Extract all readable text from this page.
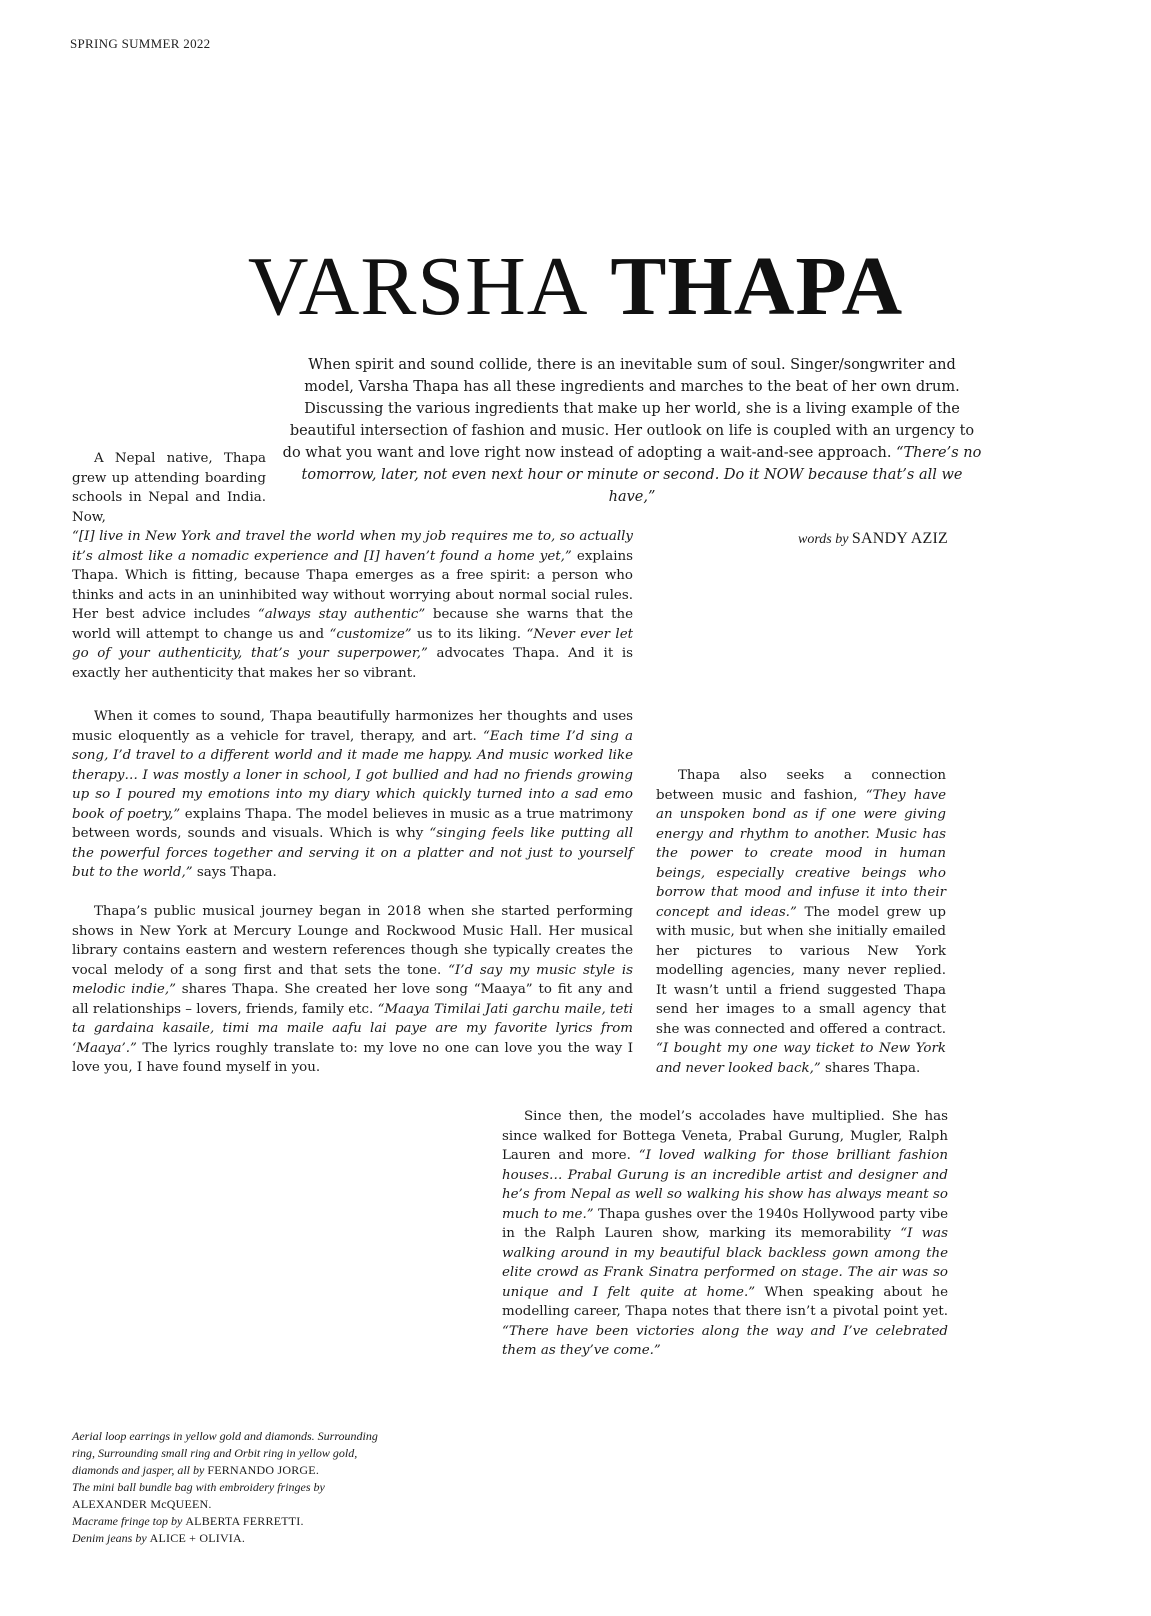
SPRING SUMMER 2022
VARSHA THAPA

When spirit and sound collide, there is an inevitable sum of soul. Singer/songwriter and model, Varsha Thapa has all these ingredients and marches to the beat of her own drum. Discussing the various ingredients that make up her world, she is a living example of the beautiful intersection of fashion and music. Her outlook on life is coupled with an urgency to do what you want and love right now instead of adopting a wait-and-see approach. “There’s no tomorrow, later, not even next hour or minute or second. Do it NOW because that’s all we have,”

words by SANDY AZIZ

A Nepal native, Thapa grew up attending boarding schools in Nepal and India. Now,

“[I] live in New York and travel the world when my job requires me to, so actually it’s almost like a nomadic experience and [I] haven’t found a home yet,” explains Thapa. Which is fitting, because Thapa emerges as a free spirit: a person who thinks and acts in an uninhibited way without worrying about normal social rules. Her best advice includes “always stay authentic” because she warns that the world will attempt to change us and “customize” us to its liking. “Never ever let go of your authenticity, that’s your superpower,” advocates Thapa. And it is exactly her authenticity that makes her so vibrant.

When it comes to sound, Thapa beautifully harmonizes her thoughts and uses music eloquently as a vehicle for travel, therapy, and art. “Each time I’d sing a song, I’d travel to a different world and it made me happy. And music worked like therapy… I was mostly a loner in school, I got bullied and had no friends growing up so I poured my emotions into my diary which quickly turned into a sad emo book of poetry,” explains Thapa. The model believes in music as a true matrimony between words, sounds and visuals. Which is why “singing feels like putting all the powerful forces together and serving it on a platter and not just to yourself but to the world,” says Thapa.

Thapa’s public musical journey began in 2018 when she started performing shows in New York at Mercury Lounge and Rockwood Music Hall. Her musical library contains eastern and western references though she typically creates the vocal melody of a song first and that sets the tone. “I’d say my music style is melodic indie,” shares Thapa. She created her love song “Maaya” to fit any and all relationships – lovers, friends, family etc. “Maaya Timilai Jati garchu maile, teti ta gardaina kasaile, timi ma maile aafu lai paye are my favorite lyrics from ‘Maaya’.” The lyrics roughly translate to: my love no one can love you the way I love you, I have found myself in you.

Thapa also seeks a connection between music and fashion, “They have an unspoken bond as if one were giving energy and rhythm to another. Music has the power to create mood in human beings, especially creative beings who borrow that mood and infuse it into their concept and ideas.” The model grew up with music, but when she initially emailed her pictures to various New York modelling agencies, many never replied. It wasn’t until a friend suggested Thapa send her images to a small agency that she was connected and offered a contract. “I bought my one way ticket to New York and never looked back,” shares Thapa.

Since then, the model’s accolades have multiplied. She has since walked for Bottega Veneta, Prabal Gurung, Mugler, Ralph Lauren and more. “I loved walking for those brilliant fashion houses… Prabal Gurung is an incredible artist and designer and he’s from Nepal as well so walking his show has always meant so much to me.” Thapa gushes over the 1940s Hollywood party vibe in the Ralph Lauren show, marking its memorability “I was walking around in my beautiful black backless gown among the elite crowd as Frank Sinatra performed on stage. The air was so unique and I felt quite at home.” When speaking about he modelling career, Thapa notes that there isn’t a pivotal point yet. “There have been victories along the way and I’ve celebrated them as they’ve come.”

Aerial loop earrings in yellow gold and diamonds. Surrounding ring, Surrounding small ring and Orbit ring in yellow gold, diamonds and jasper, all by FERNANDO JORGE.
The mini ball bundle bag with embroidery fringes by ALEXANDER McQUEEN.
Macrame fringe top by ALBERTA FERRETTI.
Denim jeans by ALICE + OLIVIA.
